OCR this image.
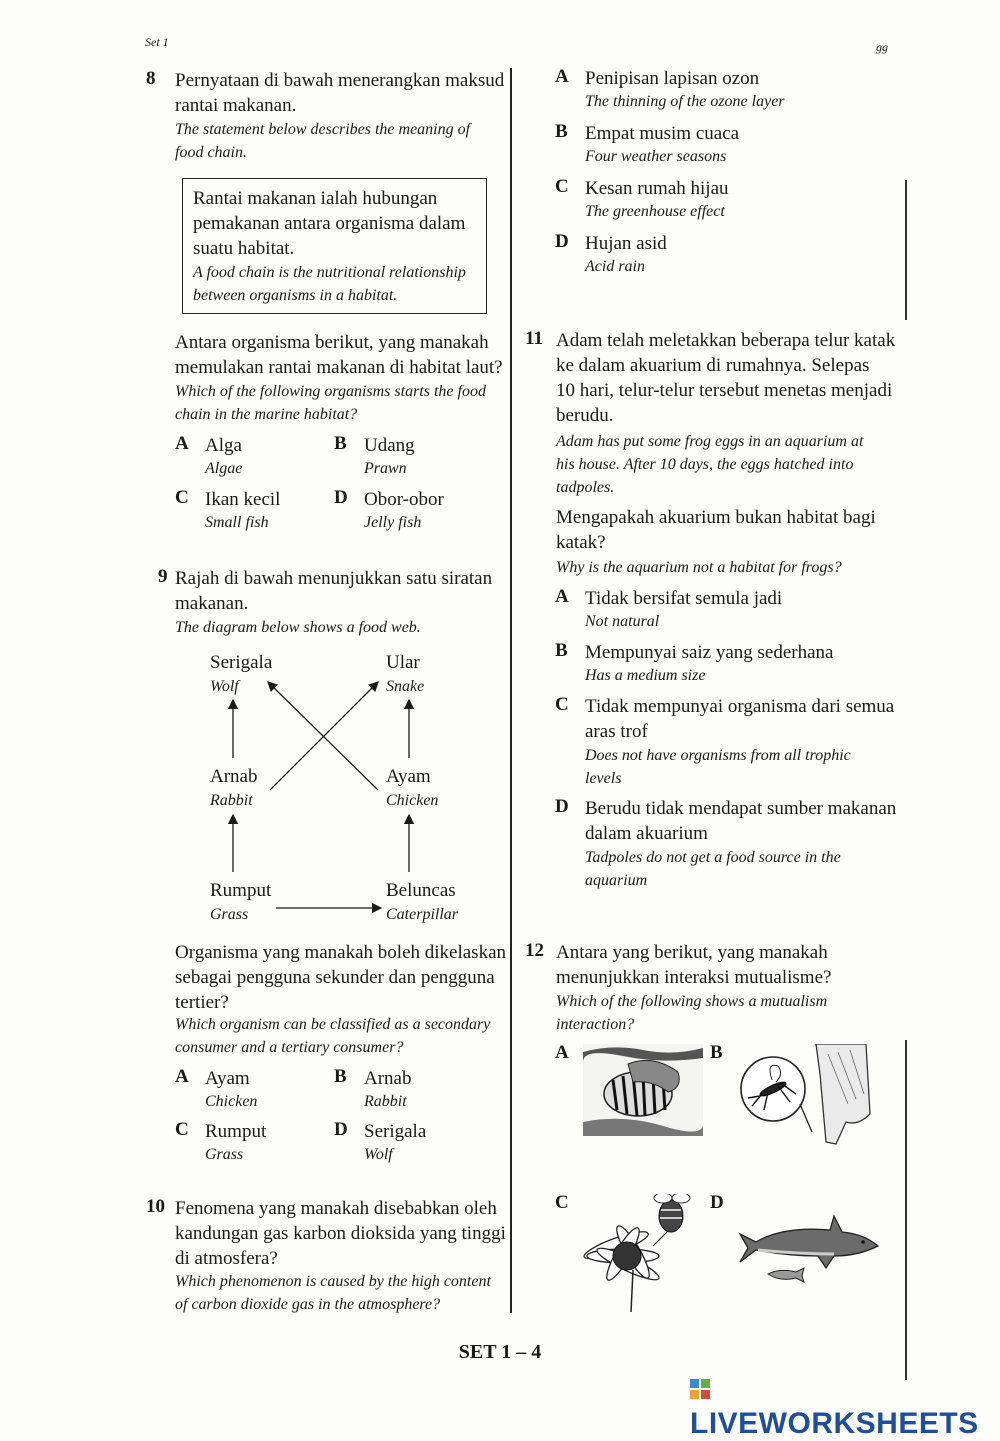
Set 1	gg
8 Pernyataan di bawah menerangkan maksud
rantai makanan.
The statement below describes the meaning of
food chain.
Rantai makanan ialah hubungan
pemakanan antara organisma dalam
suatu habitat.
A food chain is the nutritional relationship
between organisms in a habitat.
Antara organisma berikut, yang manakah
memulakan rantai makanan di habitat laut?
Which of the following organisms starts the food
chain in the marine habitat?
A Alga
Algae
B Udang
Prawn
C Ikan kecil
Small fish
D Obor-obor
Jelly fish
9 Rajah di bawah menunjukkan satu siratan
makanan.
The diagram below shows a food web.
Serigala
Wolf
Ular
Snake
Arnab
Rabbit
Ayam
Chicken
Rumput
Grass
Beluncas
Caterpillar
Organisma yang manakah boleh dikelaskan
sebagai pengguna sekunder dan pengguna
tertier?
Which organism can be classified as a secondary
consumer and a tertiary consumer?
A Ayam
Chicken
B Arnab
Rabbit
C Rumput
Grass
D Serigala
Wolf
10 Fenomena yang manakah disebabkan oleh
kandungan gas karbon dioksida yang tinggi
di atmosfera?
Which phenomenon is caused by the high content
of carbon dioxide gas in the atmosphere?
A Penipisan lapisan ozon
The thinning of the ozone layer
B Empat musim cuaca
Four weather seasons
C Kesan rumah hijau
The greenhouse effect
D Hujan asid
Acid rain
11 Adam telah meletakkan beberapa telur katak
ke dalam akuarium di rumahnya. Selepas
10 hari, telur-telur tersebut menetas menjadi
berudu.
Adam has put some frog eggs in an aquarium at
his house. After 10 days, the eggs hatched into
tadpoles.
Mengapakah akuarium bukan habitat bagi
katak?
Why is the aquarium not a habitat for frogs?
A Tidak bersifat semula jadi
Not natural
B Mempunyai saiz yang sederhana
Has a medium size
C Tidak mempunyai organisma dari semua
aras trof
Does not have organisms from all trophic
levels
D Berudu tidak mendapat sumber makanan
dalam akuarium
Tadpoles do not get a food source in the
aquarium
12 Antara yang berikut, yang manakah
menunjukkan interaksi mutualisme?
Which of the following shows a mutualism
interaction?
A	B
C	D
SET 1 – 4
LIVEWORKSHEETS
